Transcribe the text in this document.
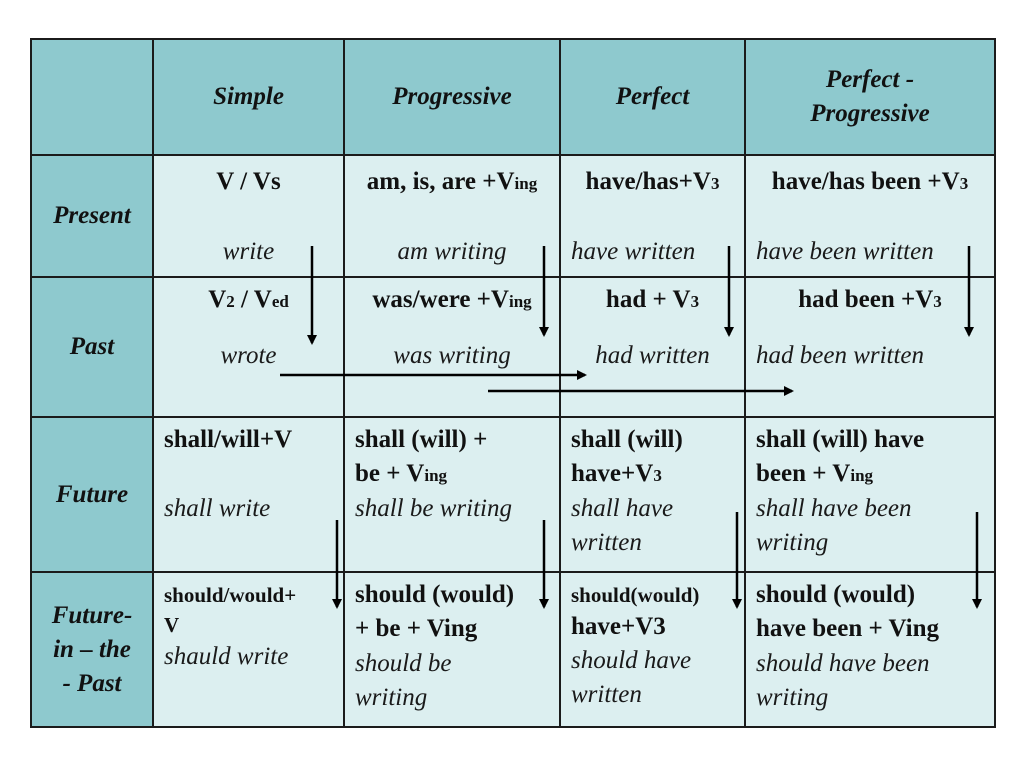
Simple	Progressive	Perfect
Perfect -
Progressive
Present
Past
Future
Future-
in – the
- Past
V / Vs
write
am, is, are +Ving
am writing
have/has+V3
have written
have/has been +V3
have been written
V2 / Ved
wrote
was/were +Ving
was writing
had + V3
had written
had been +V3
had been written
shall/will+V
shall write
shall (will) +
be + Ving
shall be writing
shall (will)
have+V3
shall have
written
shall (will) have
been + Ving
shall have been
writing
should/would+
V
shauld write
should (would)
+ be + Ving
should be
writing
should(would)
have+V3
should have
written
should (would)
have been + Ving
should have been
writing
